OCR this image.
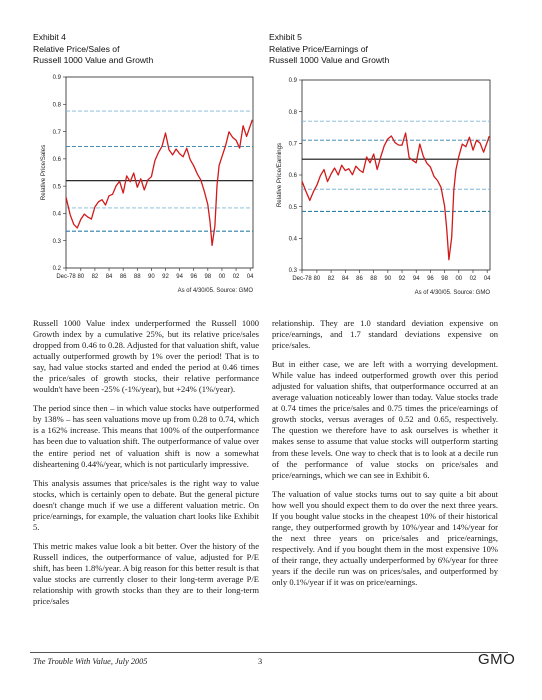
Exhibit 4
Relative Price/Sales of
Russell 1000 Value and Growth
0.9
0.8
0.7
0.6
0.5
0.4
0.3
0.2
Relative Price/Sales
Dec-78 80 82 84 86 88 90 92 94 96 98 00 02 04
As of 4/30/05. Source: GMO
Exhibit 5
Relative Price/Earnings of
Russell 1000 Value and Growth
0.9
0.8
0.7
0.6
0.5
0.4
0.3
Relative Price/Earnings
Dec-78 80 82 84 86 88 90 92 94 96 98 00 02 04
As of 4/30/05. Source: GMO

Russell 1000 Value index underperformed the Russell 1000 Growth index by a cumulative 25%, but its relative price/sales dropped from 0.46 to 0.28. Adjusted for that valuation shift, value actually outperformed growth by 1% over the period! That is to say, had value stocks started and ended the period at 0.46 times the price/sales of growth stocks, their relative performance wouldn't have been -25% (-1%/year), but +24% (1%/year).

The period since then – in which value stocks have outperformed by 138% – has seen valuations move up from 0.28 to 0.74, which is a 162% increase. This means that 100% of the outperformance has been due to valuation shift. The outperformance of value over the entire period net of valuation shift is now a somewhat disheartening 0.44%/year, which is not particularly impressive.

This analysis assumes that price/sales is the right way to value stocks, which is certainly open to debate. But the general picture doesn't change much if we use a different valuation metric. On price/earnings, for example, the valuation chart looks like Exhibit 5.

This metric makes value look a bit better. Over the history of the Russell indices, the outperformance of value, adjusted for P/E shift, has been 1.8%/year. A big reason for this better result is that value stocks are currently closer to their long-term average P/E relationship with growth stocks than they are to their long-term price/sales

relationship. They are 1.0 standard deviation expensive on price/earnings, and 1.7 standard deviations expensive on price/sales.

But in either case, we are left with a worrying development. While value has indeed outperformed growth over this period adjusted for valuation shifts, that outperformance occurred at an average valuation noticeably lower than today. Value stocks trade at 0.74 times the price/sales and 0.75 times the price/earnings of growth stocks, versus averages of 0.52 and 0.65, respectively. The question we therefore have to ask ourselves is whether it makes sense to assume that value stocks will outperform starting from these levels. One way to check that is to look at a decile run of the performance of value stocks on price/sales and price/earnings, which we can see in Exhibit 6.

The valuation of value stocks turns out to say quite a bit about how well you should expect them to do over the next three years. If you bought value stocks in the cheapest 10% of their historical range, they outperformed growth by 10%/year and 14%/year for the next three years on price/sales and price/earnings, respectively. And if you bought them in the most expensive 10% of their range, they actually underperformed by 6%/year for three years if the decile run was on prices/sales, and outperformed by only 0.1%/year if it was on price/earnings.

The Trouble With Value, July 2005	3	GMO
